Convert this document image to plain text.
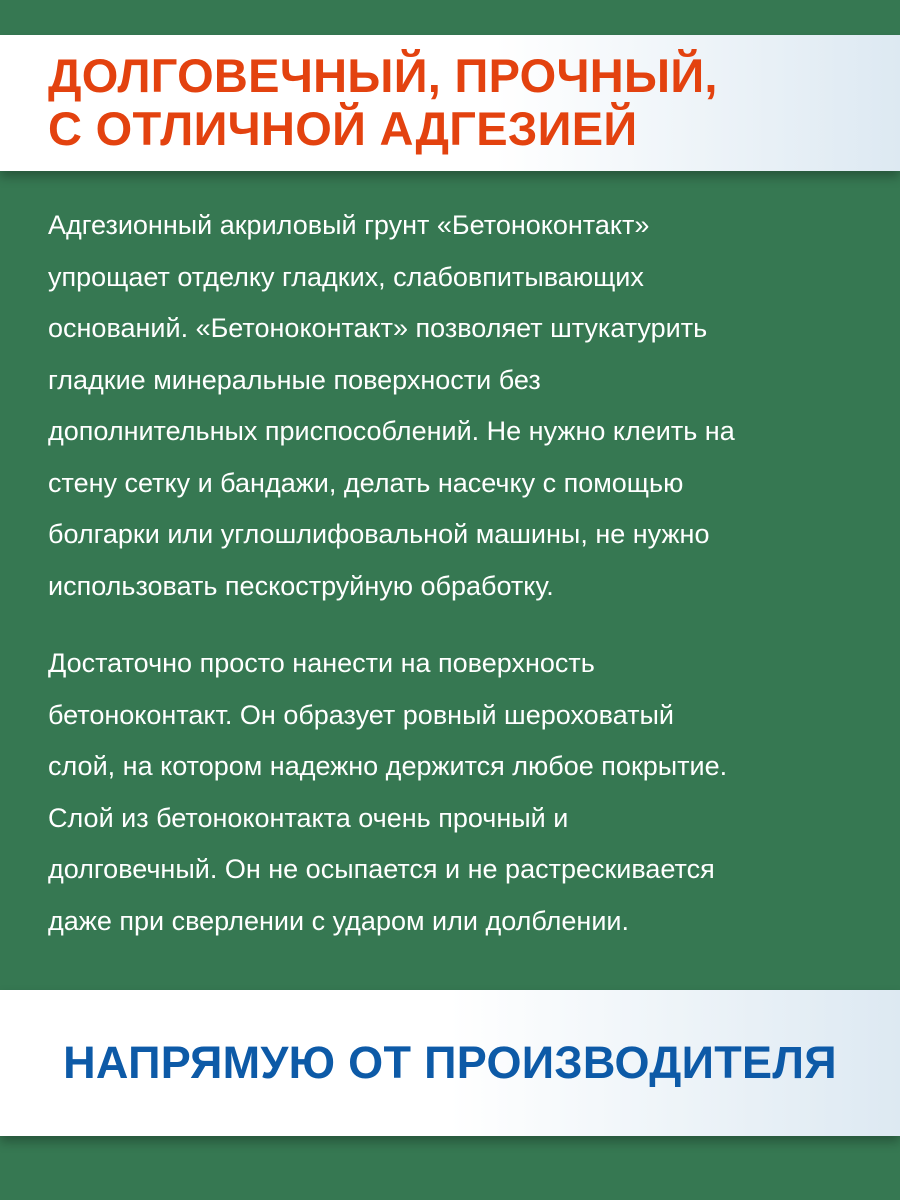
ДОЛГОВЕЧНЫЙ, ПРОЧНЫЙ,
С ОТЛИЧНОЙ АДГЕЗИЕЙ

Адгезионный акриловый грунт «Бетоноконтакт»
упрощает отделку гладких, слабовпитывающих
оснований. «Бетоноконтакт» позволяет штукатурить
гладкие минеральные поверхности без
дополнительных приспособлений. Не нужно клеить на
стену сетку и бандажи, делать насечку с помощью
болгарки или углошлифовальной машины, не нужно
использовать пескоструйную обработку.

Достаточно просто нанести на поверхность
бетоноконтакт. Он образует ровный шероховатый
слой, на котором надежно держится любое покрытие.
Слой из бетоноконтакта очень прочный и
долговечный. Он не осыпается и не растрескивается
даже при сверлении с ударом или долблении.

НАПРЯМУЮ ОТ ПРОИЗВОДИТЕЛЯ
